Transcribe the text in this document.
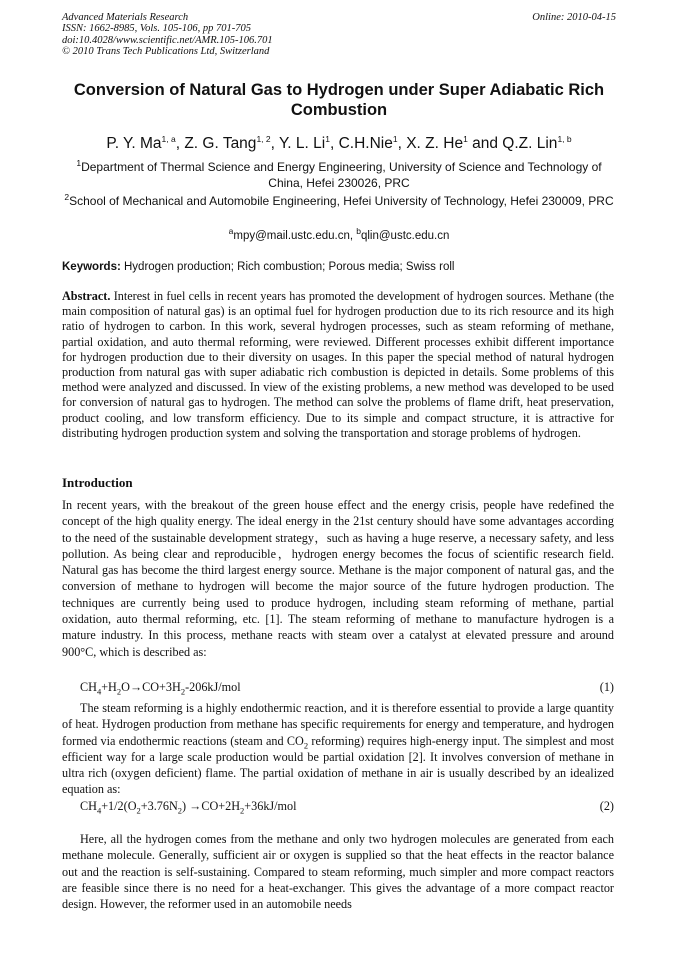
Advanced Materials Research
ISSN: 1662-8985, Vols. 105-106, pp 701-705
doi:10.4028/www.scientific.net/AMR.105-106.701
© 2010 Trans Tech Publications Ltd, Switzerland
Online: 2010-04-15
Conversion of Natural Gas to Hydrogen under Super Adiabatic Rich Combustion
P. Y. Ma$^{1, a}$, Z. G. Tang$^{1, 2}$, Y. L. Li$^1$, C.H.Nie$^1$, X. Z. He$^1$ and Q.Z. Lin$^{1, b}$
$^1$Department of Thermal Science and Energy Engineering, University of Science and Technology of China, Hefei 230026, PRC
$^2$School of Mechanical and Automobile Engineering, Hefei University of Technology, Hefei 230009, PRC
$^a$mpy@mail.ustc.edu.cn, $^b$qlin@ustc.edu.cn
Keywords: Hydrogen production; Rich combustion; Porous media; Swiss roll
Abstract. Interest in fuel cells in recent years has promoted the development of hydrogen sources. Methane (the main composition of natural gas) is an optimal fuel for hydrogen production due to its rich resource and its high ratio of hydrogen to carbon. In this work, several hydrogen processes, such as steam reforming of methane, partial oxidation, and auto thermal reforming, were reviewed. Different processes exhibit different importance for hydrogen production due to their diversity on usages. In this paper the special method of natural hydrogen production from natural gas with super adiabatic rich combustion is depicted in details. Some problems of this method were analyzed and discussed. In view of the existing problems, a new method was developed to be used for conversion of natural gas to hydrogen. The method can solve the problems of flame drift, heat preservation, product cooling, and low transform efficiency. Due to its simple and compact structure, it is attractive for distributing hydrogen production system and solving the transportation and storage problems of hydrogen.
Introduction
In recent years, with the breakout of the green house effect and the energy crisis, people have redefined the concept of the high quality energy. The ideal energy in the 21st century should have some advantages according to the need of the sustainable development strategy，such as having a huge reserve, a necessary safety, and less pollution. As being clear and reproducible，hydrogen energy becomes the focus of scientific research field. Natural gas has become the third largest energy source. Methane is the major component of natural gas, and the conversion of methane to hydrogen will become the major source of the future hydrogen production. The techniques are currently being used to produce hydrogen, including steam reforming of methane, partial oxidation, auto thermal reforming, etc. [1]. The steam reforming of methane to manufacture hydrogen is a mature industry. In this process, methane reacts with steam over a catalyst at elevated pressure and around 900°C, which is described as:
$CH_4+H_2O\to CO+3H_2-206kJ$/mol	(1)
The steam reforming is a highly endothermic reaction, and it is therefore essential to provide a large quantity of heat. Hydrogen production from methane has specific requirements for energy and temperature, and hydrogen formed via endothermic reactions (steam and $CO_2$ reforming) requires high-energy input. The simplest and most efficient way for a large scale production would be partial oxidation [2]. It involves conversion of methane in ultra rich (oxygen deficient) flame. The partial oxidation of methane in air is usually described by an idealized equation as:
$CH_4+1/2(O_2+3.76N_2) \to CO+2H_2+36kJ/mol$	(2)
Here, all the hydrogen comes from the methane and only two hydrogen molecules are generated from each methane molecule. Generally, sufficient air or oxygen is supplied so that the heat effects in the reactor balance out and the reaction is self-sustaining. Compared to steam reforming, much simpler and more compact reactors are feasible since there is no need for a heat-exchanger. This gives the advantage of a more compact reactor design. However, the reformer used in an automobile needs
